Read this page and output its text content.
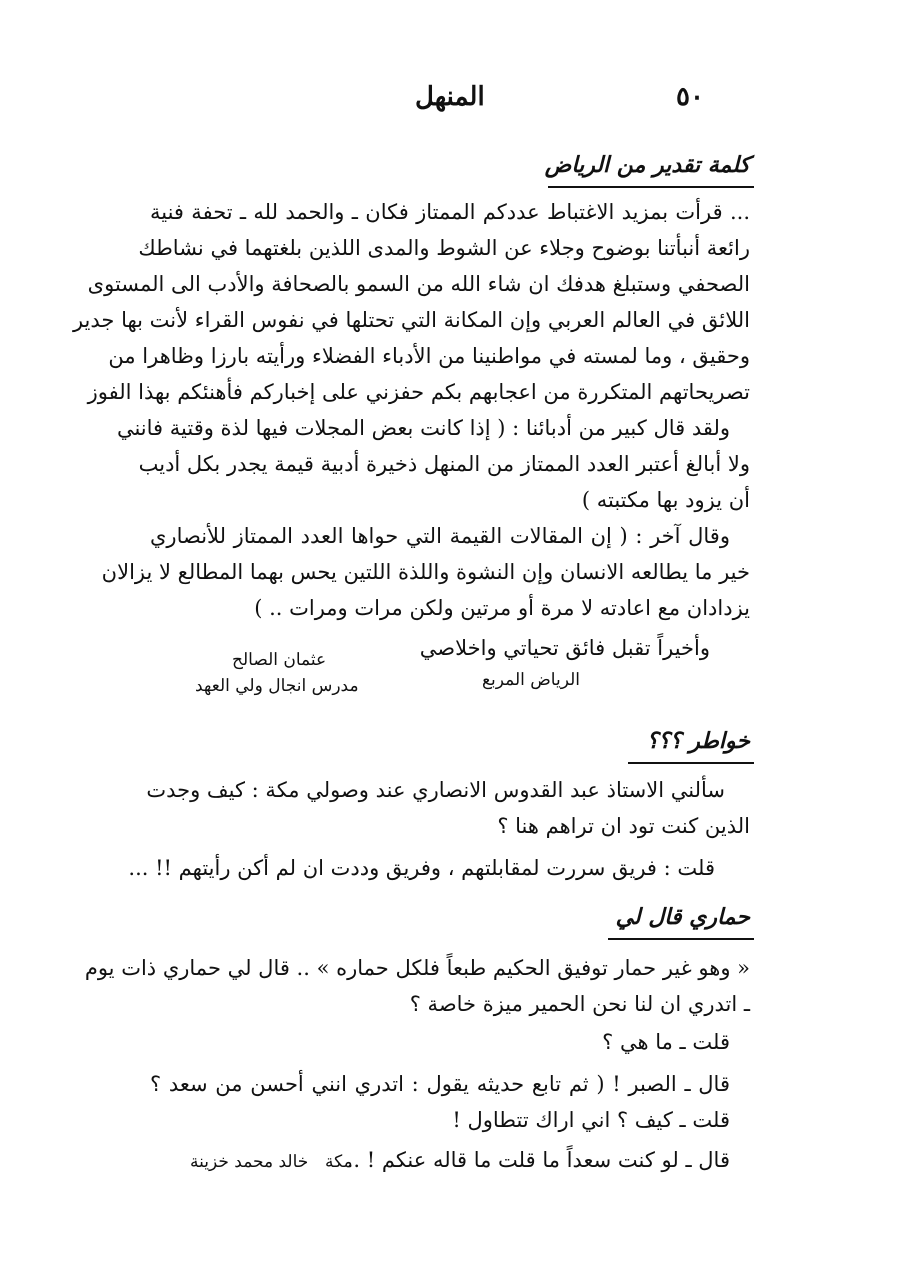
المنهل	٥٠
كلمة تقدير من الرياض
... قرأت بمزيد الاغتباط عددكم الممتاز فكان ـ والحمد لله ـ تحفة فنية
رائعة أنبأتنا بوضوح وجلاء عن الشوط والمدى اللذين بلغتهما في نشاطك
الصحفي وستبلغ هدفك ان شاء الله من السمو بالصحافة والأدب الى المستوى
اللائق في العالم العربي وإن المكانة التي تحتلها في نفوس القراء لأنت بها جدير
وحقيق ، وما لمسته في مواطنينا من الأدباء الفضلاء ورأيته بارزا وظاهرا من
تصريحاتهم المتكررة من اعجابهم بكم حفزني على إخباركم فأهنئكم بهذا الفوز
ولقد قال كبير من أدبائنا : ( إذا كانت بعض المجلات فيها لذة وقتية فانني
ولا أبالغ أعتبر العدد الممتاز من المنهل ذخيرة أدبية قيمة يجدر بكل أديب
أن يزود بها مكتبته )
وقال آخر : ( إن المقالات القيمة التي حواها العدد الممتاز للأنصاري
خير ما يطالعه الانسان وإن النشوة واللذة اللتين يحس بهما المطالع لا يزالان
يزدادان مع اعادته لا مرة أو مرتين ولكن مرات ومرات .. )
وأخيراً تقبل فائق تحياتي واخلاصي
الرياض المربع
عثمان الصالح
مدرس انجال ولي العهد
خواطر ؟؟؟
سألني الاستاذ عبد القدوس الانصاري عند وصولي مكة : كيف وجدت
الذين كنت تود ان تراهم هنا ؟
قلت : فريق سررت لمقابلتهم ، وفريق وددت ان لم أكن رأيتهم !! ...
حماري قال لي
« وهو غير حمار توفيق الحكيم طبعاً فلكل حماره » .. قال لي حماري ذات يوم
ـ اتدري ان لنا نحن الحمير ميزة خاصة ؟
قلت ـ ما هي ؟
قال ـ الصبر ! ( ثم تابع حديثه يقول : اتدري انني أحسن من سعد ؟
قلت ـ كيف ؟ اني اراك تتطاول !
قال ـ لو كنت سعداً ما قلت ما قاله عنكم ! ..
مكة
خالد محمد خزينة
